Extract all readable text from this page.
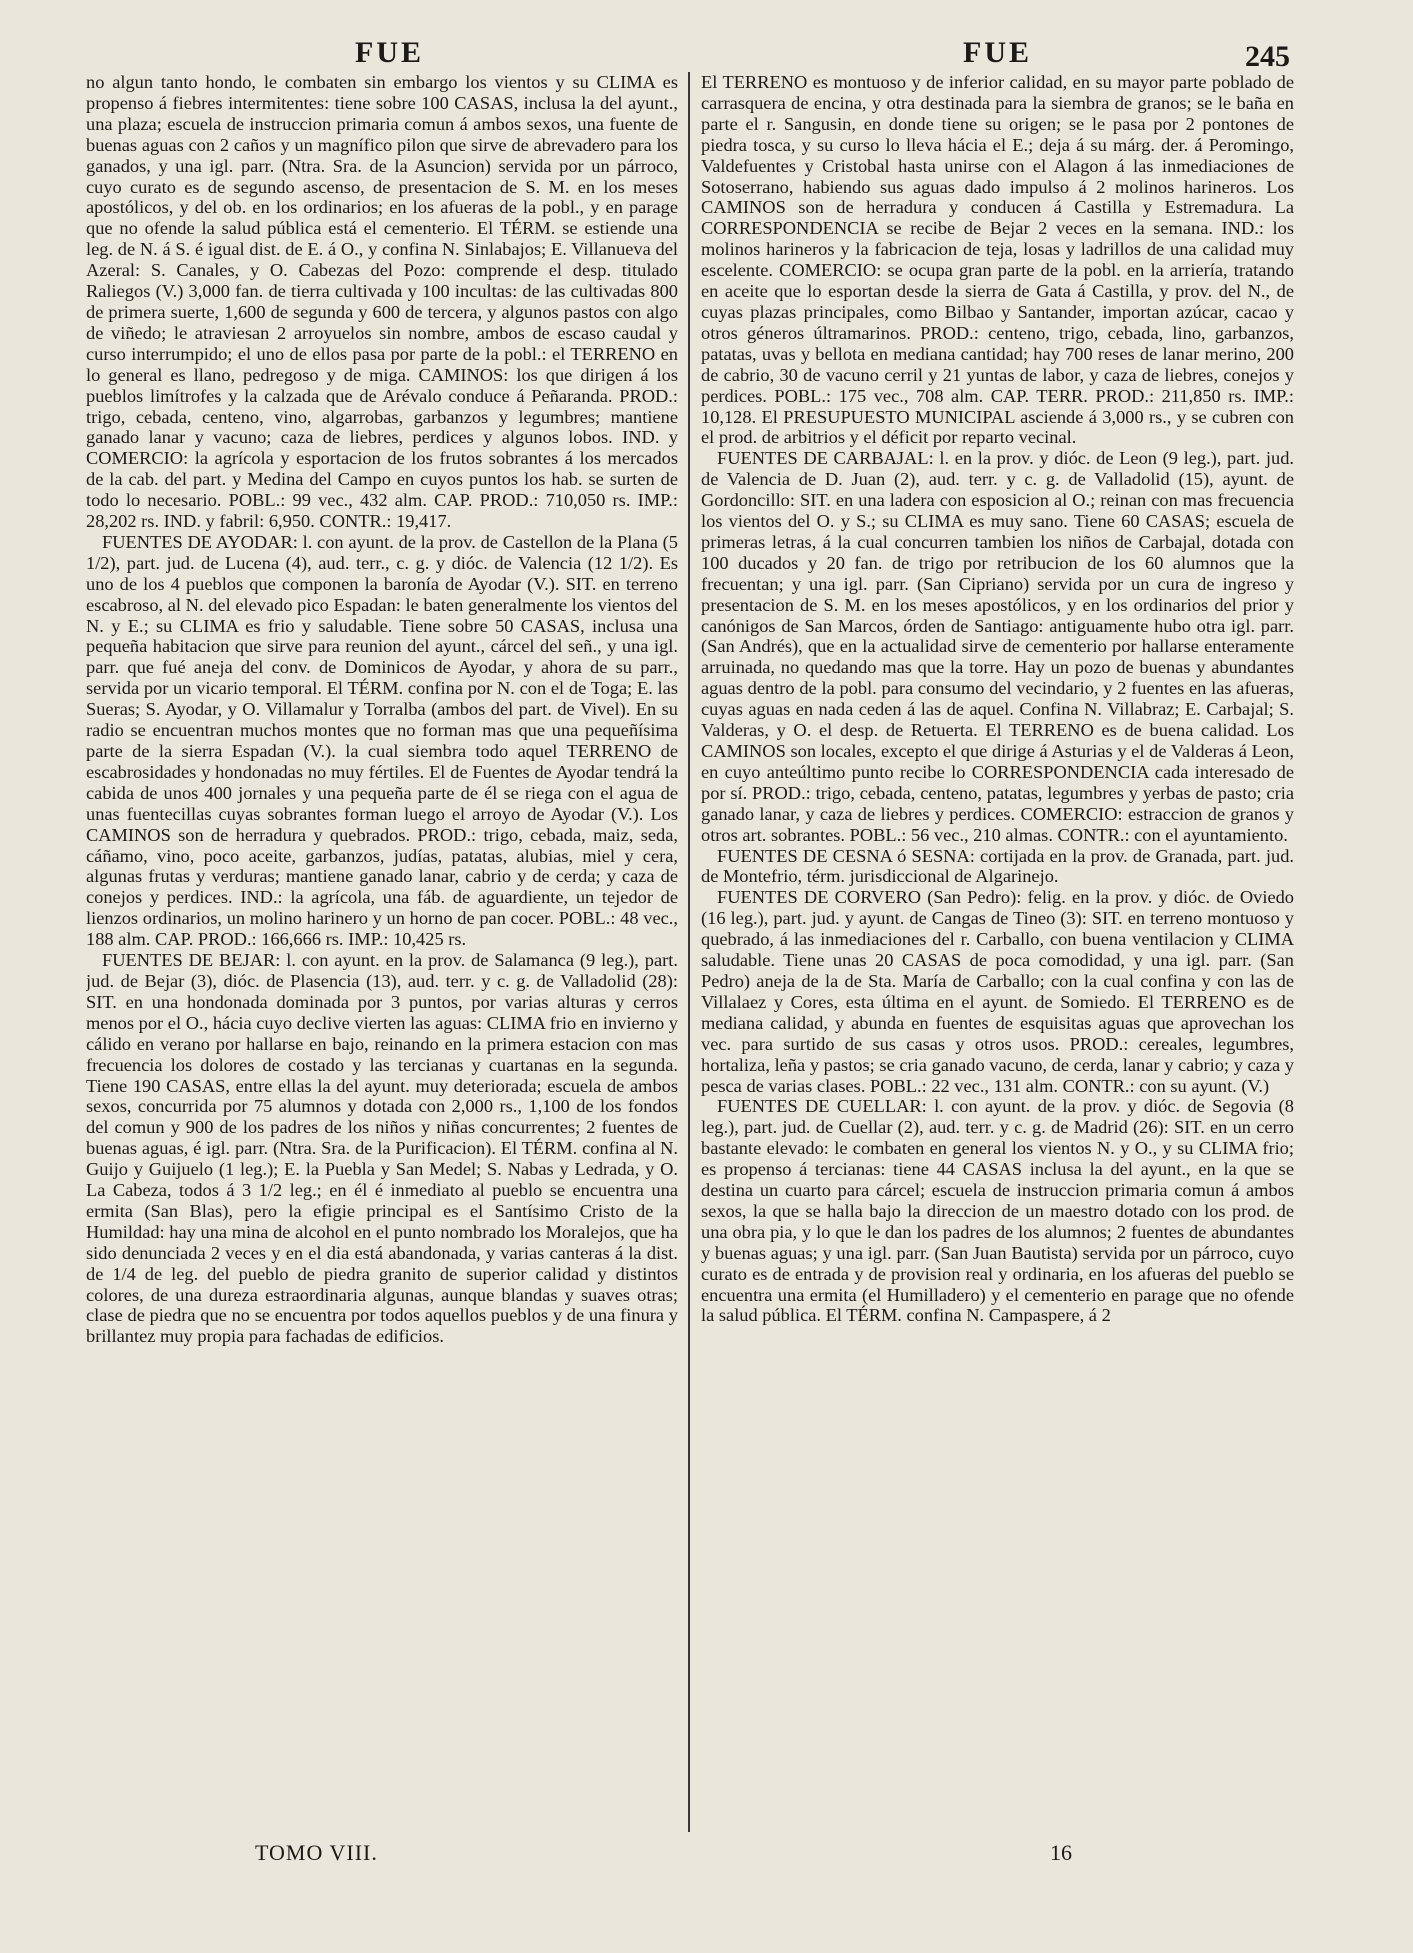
FUE	FUE	245

no algun tanto hondo, le combaten sin embargo los vientos y su CLIMA es propenso á fiebres intermitentes: tiene sobre 100 CASAS, inclusa la del ayunt., una plaza; escuela de instruccion primaria comun á ambos sexos, una fuente de buenas aguas con 2 caños y un magnífico pilon que sirve de abrevadero para los ganados, y una igl. parr. (Ntra. Sra. de la Asuncion) servida por un párroco, cuyo curato es de segundo ascenso, de presentacion de S. M. en los meses apostólicos, y del ob. en los ordinarios; en los afueras de la pobl., y en parage que no ofende la salud pública está el cementerio. El TÉRM. se estiende una leg. de N. á S. é igual dist. de E. á O., y confina N. Sinlabajos; E. Villanueva del Azeral: S. Canales, y O. Cabezas del Pozo: comprende el desp. titulado Raliegos (V.) 3,000 fan. de tierra cultivada y 100 incultas: de las cultivadas 800 de primera suerte, 1,600 de segunda y 600 de tercera, y algunos pastos con algo de viñedo; le atraviesan 2 arroyuelos sin nombre, ambos de escaso caudal y curso interrumpido; el uno de ellos pasa por parte de la pobl.: el TERRENO en lo general es llano, pedregoso y de miga. CAMINOS: los que dirigen á los pueblos limítrofes y la calzada que de Arévalo conduce á Peñaranda. PROD.: trigo, cebada, centeno, vino, algarrobas, garbanzos y legumbres; mantiene ganado lanar y vacuno; caza de liebres, perdices y algunos lobos. IND. y COMERCIO: la agrícola y esportacion de los frutos sobrantes á los mercados de la cab. del part. y Medina del Campo en cuyos puntos los hab. se surten de todo lo necesario. POBL.: 99 vec., 432 alm. CAP. PROD.: 710,050 rs. IMP.: 28,202 rs. IND. y fabril: 6,950. CONTR.: 19,417.

FUENTES DE AYODAR: l. con ayunt. de la prov. de Castellon de la Plana (5 1/2), part. jud. de Lucena (4), aud. terr., c. g. y dióc. de Valencia (12 1/2). Es uno de los 4 pueblos que componen la baronía de Ayodar (V.). SIT. en terreno escabroso, al N. del elevado pico Espadan: le baten generalmente los vientos del N. y E.; su CLIMA es frio y saludable. Tiene sobre 50 CASAS, inclusa una pequeña habitacion que sirve para reunion del ayunt., cárcel del señ., y una igl. parr. que fué aneja del conv. de Dominicos de Ayodar, y ahora de su parr., servida por un vicario temporal. El TÉRM. confina por N. con el de Toga; E. las Sueras; S. Ayodar, y O. Villamalur y Torralba (ambos del part. de Vivel). En su radio se encuentran muchos montes que no forman mas que una pequeñísima parte de la sierra Espadan (V.). la cual siembra todo aquel TERRENO de escabrosidades y hondonadas no muy fértiles. El de Fuentes de Ayodar tendrá la cabida de unos 400 jornales y una pequeña parte de él se riega con el agua de unas fuentecillas cuyas sobrantes forman luego el arroyo de Ayodar (V.). Los CAMINOS son de herradura y quebrados. PROD.: trigo, cebada, maiz, seda, cáñamo, vino, poco aceite, garbanzos, judías, patatas, alubias, miel y cera, algunas frutas y verduras; mantiene ganado lanar, cabrio y de cerda; y caza de conejos y perdices. IND.: la agrícola, una fáb. de aguardiente, un tejedor de lienzos ordinarios, un molino harinero y un horno de pan cocer. POBL.: 48 vec., 188 alm. CAP. PROD.: 166,666 rs. IMP.: 10,425 rs.

FUENTES DE BEJAR: l. con ayunt. en la prov. de Salamanca (9 leg.), part. jud. de Bejar (3), dióc. de Plasencia (13), aud. terr. y c. g. de Valladolid (28): SIT. en una hondonada dominada por 3 puntos, por varias alturas y cerros menos por el O., hácia cuyo declive vierten las aguas: CLIMA frio en invierno y cálido en verano por hallarse en bajo, reinando en la primera estacion con mas frecuencia los dolores de costado y las tercianas y cuartanas en la segunda. Tiene 190 CASAS, entre ellas la del ayunt. muy deteriorada; escuela de ambos sexos, concurrida por 75 alumnos y dotada con 2,000 rs., 1,100 de los fondos del comun y 900 de los padres de los niños y niñas concurrentes; 2 fuentes de buenas aguas, é igl. parr. (Ntra. Sra. de la Purificacion). El TÉRM. confina al N. Guijo y Guijuelo (1 leg.); E. la Puebla y San Medel; S. Nabas y Ledrada, y O. La Cabeza, todos á 3 1/2 leg.; en él é inmediato al pueblo se encuentra una ermita (San Blas), pero la efigie principal es el Santísimo Cristo de la Humildad: hay una mina de alcohol en el punto nombrado los Moralejos, que ha sido denunciada 2 veces y en el dia está abandonada, y varias canteras á la dist. de 1/4 de leg. del pueblo de piedra granito de superior calidad y distintos colores, de una dureza estraordinaria algunas, aunque blandas y suaves otras; clase de piedra que no se encuentra por todos aquellos pueblos y de una finura y brillantez muy propia para fachadas de edificios.

El TERRENO es montuoso y de inferior calidad, en su mayor parte poblado de carrasquera de encina, y otra destinada para la siembra de granos; se le baña en parte el r. Sangusin, en donde tiene su origen; se le pasa por 2 pontones de piedra tosca, y su curso lo lleva hácia el E.; deja á su márg. der. á Peromingo, Valdefuentes y Cristobal hasta unirse con el Alagon á las inmediaciones de Sotoserrano, habiendo sus aguas dado impulso á 2 molinos harineros. Los CAMINOS son de herradura y conducen á Castilla y Estremadura. La CORRESPONDENCIA se recibe de Bejar 2 veces en la semana. IND.: los molinos harineros y la fabricacion de teja, losas y ladrillos de una calidad muy escelente. COMERCIO: se ocupa gran parte de la pobl. en la arriería, tratando en aceite que lo esportan desde la sierra de Gata á Castilla, y prov. del N., de cuyas plazas principales, como Bilbao y Santander, importan azúcar, cacao y otros géneros últramarinos. PROD.: centeno, trigo, cebada, lino, garbanzos, patatas, uvas y bellota en mediana cantidad; hay 700 reses de lanar merino, 200 de cabrio, 30 de vacuno cerril y 21 yuntas de labor, y caza de liebres, conejos y perdices. POBL.: 175 vec., 708 alm. CAP. TERR. PROD.: 211,850 rs. IMP.: 10,128. El PRESUPUESTO MUNICIPAL asciende á 3,000 rs., y se cubren con el prod. de arbitrios y el déficit por reparto vecinal.

FUENTES DE CARBAJAL: l. en la prov. y dióc. de Leon (9 leg.), part. jud. de Valencia de D. Juan (2), aud. terr. y c. g. de Valladolid (15), ayunt. de Gordoncillo: SIT. en una ladera con esposicion al O.; reinan con mas frecuencia los vientos del O. y S.; su CLIMA es muy sano. Tiene 60 CASAS; escuela de primeras letras, á la cual concurren tambien los niños de Carbajal, dotada con 100 ducados y 20 fan. de trigo por retribucion de los 60 alumnos que la frecuentan; y una igl. parr. (San Cipriano) servida por un cura de ingreso y presentacion de S. M. en los meses apostólicos, y en los ordinarios del prior y canónigos de San Marcos, órden de Santiago: antiguamente hubo otra igl. parr. (San Andrés), que en la actualidad sirve de cementerio por hallarse enteramente arruinada, no quedando mas que la torre. Hay un pozo de buenas y abundantes aguas dentro de la pobl. para consumo del vecindario, y 2 fuentes en las afueras, cuyas aguas en nada ceden á las de aquel. Confina N. Villabraz; E. Carbajal; S. Valderas, y O. el desp. de Retuerta. El TERRENO es de buena calidad. Los CAMINOS son locales, excepto el que dirige á Asturias y el de Valderas á Leon, en cuyo anteúltimo punto recibe lo CORRESPONDENCIA cada interesado de por sí. PROD.: trigo, cebada, centeno, patatas, legumbres y yerbas de pasto; cria ganado lanar, y caza de liebres y perdices. COMERCIO: estraccion de granos y otros art. sobrantes. POBL.: 56 vec., 210 almas. CONTR.: con el ayuntamiento.

FUENTES DE CESNA ó SESNA: cortijada en la prov. de Granada, part. jud. de Montefrio, térm. jurisdiccional de Algarinejo.

FUENTES DE CORVERO (San Pedro): felig. en la prov. y dióc. de Oviedo (16 leg.), part. jud. y ayunt. de Cangas de Tineo (3): SIT. en terreno montuoso y quebrado, á las inmediaciones del r. Carballo, con buena ventilacion y CLIMA saludable. Tiene unas 20 CASAS de poca comodidad, y una igl. parr. (San Pedro) aneja de la de Sta. María de Carballo; con la cual confina y con las de Villalaez y Cores, esta última en el ayunt. de Somiedo. El TERRENO es de mediana calidad, y abunda en fuentes de esquisitas aguas que aprovechan los vec. para surtido de sus casas y otros usos. PROD.: cereales, legumbres, hortaliza, leña y pastos; se cria ganado vacuno, de cerda, lanar y cabrio; y caza y pesca de varias clases. POBL.: 22 vec., 131 alm. CONTR.: con su ayunt. (V.)

FUENTES DE CUELLAR: l. con ayunt. de la prov. y dióc. de Segovia (8 leg.), part. jud. de Cuellar (2), aud. terr. y c. g. de Madrid (26): SIT. en un cerro bastante elevado: le combaten en general los vientos N. y O., y su CLIMA frio; es propenso á tercianas: tiene 44 CASAS inclusa la del ayunt., en la que se destina un cuarto para cárcel; escuela de instruccion primaria comun á ambos sexos, la que se halla bajo la direccion de un maestro dotado con los prod. de una obra pia, y lo que le dan los padres de los alumnos; 2 fuentes de abundantes y buenas aguas; y una igl. parr. (San Juan Bautista) servida por un párroco, cuyo curato es de entrada y de provision real y ordinaria, en los afueras del pueblo se encuentra una ermita (el Humilladero) y el cementerio en parage que no ofende la salud pública. El TÉRM. confina N. Campaspere, á 2

TOMO VIII.	16
